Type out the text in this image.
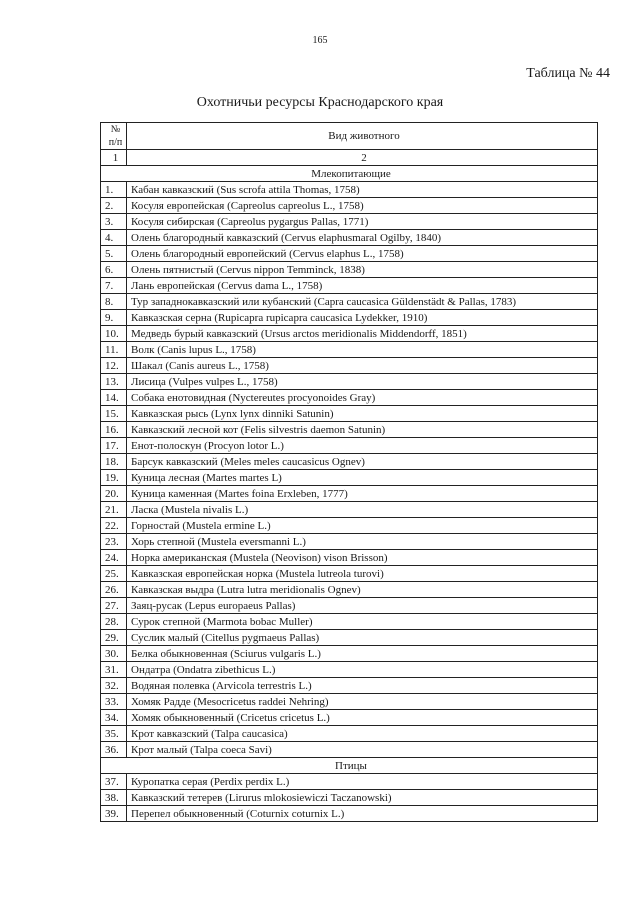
165
Таблица № 44
Охотничьи ресурсы Краснодарского края
№
п/п	Вид животного
1	2
Млекопитающие	
1.	Кабан кавказский (Sus scrofa attila Thomas, 1758)
2.	Косуля европейская (Capreolus capreolus L., 1758)
3.	Косуля сибирская (Capreolus pygargus Pallas, 1771)
4.	Олень благородный кавказский (Cervus elaphusmaral Ogilby, 1840)
5.	Олень благородный европейский (Cervus elaphus L., 1758)
6.	Олень пятнистый (Cervus nippon Temminck, 1838)
7.	Лань европейская (Cervus dama L., 1758)
8.	Тур западнокавказский или кубанский (Capra caucasica Güldenstädt & Pallas, 1783)
9.	Кавказская серна (Rupicapra rupicapra caucasica Lydekker, 1910)
10.	Медведь бурый кавказский (Ursus arctos meridionalis Middendorff, 1851)
11.	Волк (Canis lupus L., 1758)
12.	Шакал (Canis aureus L., 1758)
13.	Лисица (Vulpes vulpes L., 1758)
14.	Собака енотовидная (Nyctereutes procyonoides Gray)
15.	Кавказская рысь (Lynx lynx dinniki Satunin)
16.	Кавказский лесной кот (Felis silvestris daemon Satunin)
17.	Енот-полоскун (Procyon lotor L.)
18.	Барсук кавказский (Meles meles caucasicus Ognev)
19.	Куница лесная (Martes martes L)
20.	Куница каменная (Martes foina Erxleben, 1777)
21.	Ласка (Mustela nivalis L.)
22.	Горностай (Mustela ermine L.)
23.	Хорь степной (Mustela eversmanni L.)
24.	Норка американская (Mustela (Neovison) vison Brisson)
25.	Кавказская европейская норка (Mustela lutreola turovi)
26.	Кавказская выдра (Lutra lutra meridionalis Ognev)
27.	Заяц-русак (Lepus europaeus Pallas)
28.	Сурок степной (Marmota bobac Muller)
29.	Суслик малый (Citellus pygmaeus Pallas)
30.	Белка обыкновенная (Sciurus vulgaris L.)
31.	Ондатра (Ondatra zibethicus L.)
32.	Водяная полевка (Arvicola terrestris L.)
33.	Хомяк Радде (Mesocricetus raddei Nehring)
34.	Хомяк обыкновенный (Cricetus cricetus L.)
35.	Крот кавказский (Talpa caucasica)
36.	Крот малый (Talpa coeca Savi)
Птицы	
37.	Куропатка серая (Perdix perdix L.)
38.	Кавказский тетерев (Lirurus mlokosiewiczi Taczanowski)
39.	Перепел обыкновенный (Coturnix coturnix L.)
